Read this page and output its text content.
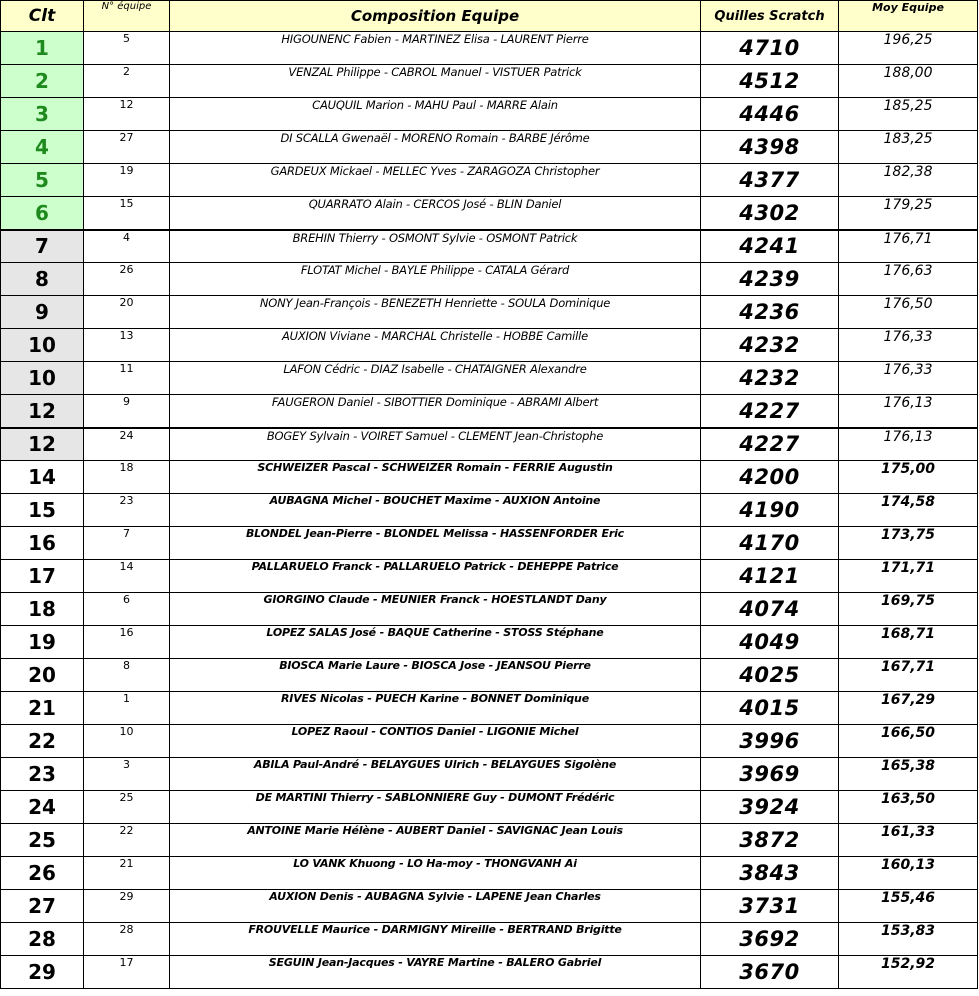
Clt	N° équipe	Composition Equipe	Quilles Scratch	Moy Equipe
1	5	HIGOUNENC Fabien - MARTINEZ Elisa - LAURENT Pierre	4710	196,25
2	2	VENZAL Philippe - CABROL Manuel - VISTUER Patrick	4512	188,00
3	12	CAUQUIL Marion - MAHU Paul - MARRE Alain	4446	185,25
4	27	DI SCALLA Gwenaël - MORENO Romain - BARBE Jérôme	4398	183,25
5	19	GARDEUX Mickael - MELLEC Yves - ZARAGOZA Christopher	4377	182,38
6	15	QUARRATO Alain - CERCOS José - BLIN Daniel	4302	179,25
7	4	BREHIN Thierry - OSMONT Sylvie - OSMONT Patrick	4241	176,71
8	26	FLOTAT Michel - BAYLE Philippe - CATALA Gérard	4239	176,63
9	20	NONY Jean-François - BENEZETH Henriette - SOULA Dominique	4236	176,50
10	13	AUXION Viviane - MARCHAL Christelle - HOBBE Camille	4232	176,33
10	11	LAFON Cédric - DIAZ Isabelle - CHATAIGNER Alexandre	4232	176,33
12	9	FAUGERON Daniel - SIBOTTIER Dominique - ABRAMI Albert	4227	176,13
12	24	BOGEY Sylvain - VOIRET Samuel - CLEMENT Jean-Christophe	4227	176,13
14	18	SCHWEIZER Pascal - SCHWEIZER Romain - FERRIE Augustin	4200	175,00
15	23	AUBAGNA Michel - BOUCHET Maxime - AUXION Antoine	4190	174,58
16	7	BLONDEL Jean-Pierre - BLONDEL Melissa - HASSENFORDER Eric	4170	173,75
17	14	PALLARUELO Franck - PALLARUELO Patrick - DEHEPPE Patrice	4121	171,71
18	6	GIORGINO Claude - MEUNIER Franck - HOESTLANDT Dany	4074	169,75
19	16	LOPEZ SALAS José - BAQUE Catherine - STOSS Stéphane	4049	168,71
20	8	BIOSCA Marie Laure - BIOSCA Jose - JEANSOU Pierre	4025	167,71
21	1	RIVES Nicolas - PUECH Karine - BONNET Dominique	4015	167,29
22	10	LOPEZ Raoul - CONTIOS Daniel - LIGONIE Michel	3996	166,50
23	3	ABILA Paul-André - BELAYGUES Ulrich - BELAYGUES Sigolène	3969	165,38
24	25	DE MARTINI Thierry - SABLONNIERE Guy - DUMONT Frédéric	3924	163,50
25	22	ANTOINE Marie Hélène - AUBERT Daniel - SAVIGNAC Jean Louis	3872	161,33
26	21	LO VANK Khuong - LO Ha-moy - THONGVANH Ai	3843	160,13
27	29	AUXION Denis - AUBAGNA Sylvie - LAPENE Jean Charles	3731	155,46
28	28	FROUVELLE Maurice - DARMIGNY Mireille - BERTRAND Brigitte	3692	153,83
29	17	SEGUIN Jean-Jacques - VAYRE Martine - BALERO Gabriel	3670	152,92
